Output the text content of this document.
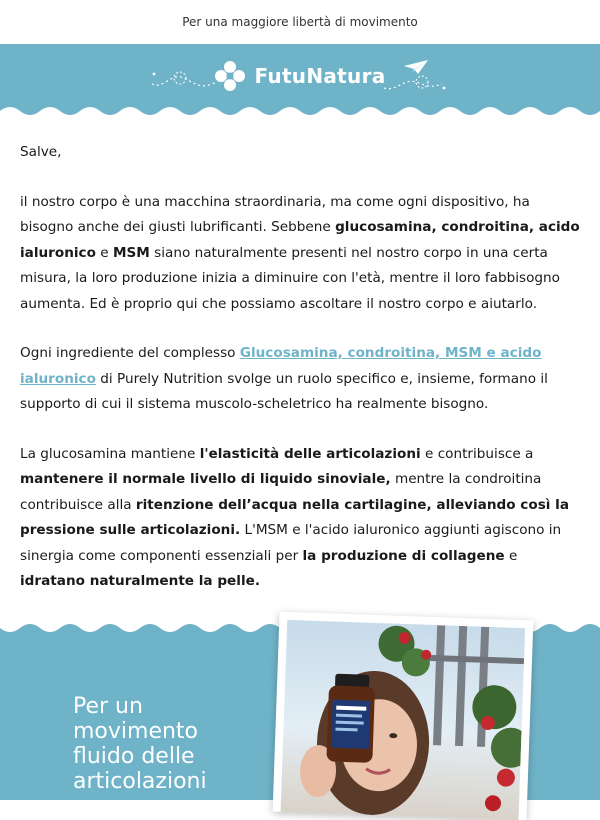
Per una maggiore libertà di movimento
FutuNatura

Salve,

il nostro corpo è una macchina straordinaria, ma come ogni dispositivo, ha bisogno anche dei giusti lubrificanti. Sebbene glucosamina, condroitina, acido ialuronico e MSM siano naturalmente presenti nel nostro corpo in una certa misura, la loro produzione inizia a diminuire con l'età, mentre il loro fabbisogno aumenta. Ed è proprio qui che possiamo ascoltare il nostro corpo e aiutarlo.

Ogni ingrediente del complesso Glucosamina, condroitina, MSM e acido ialuronico di Purely Nutrition svolge un ruolo specifico e, insieme, formano il supporto di cui il sistema muscolo-scheletrico ha realmente bisogno.

La glucosamina mantiene l'elasticità delle articolazioni e contribuisce a mantenere il normale livello di liquido sinoviale, mentre la condroitina contribuisce alla ritenzione dell’acqua nella cartilagine, alleviando così la pressione sulle articolazioni. L'MSM e l'acido ialuronico aggiunti agiscono in sinergia come componenti essenziali per la produzione di collagene e idratano naturalmente la pelle.

Per un
movimento
fluido delle
articolazioni
